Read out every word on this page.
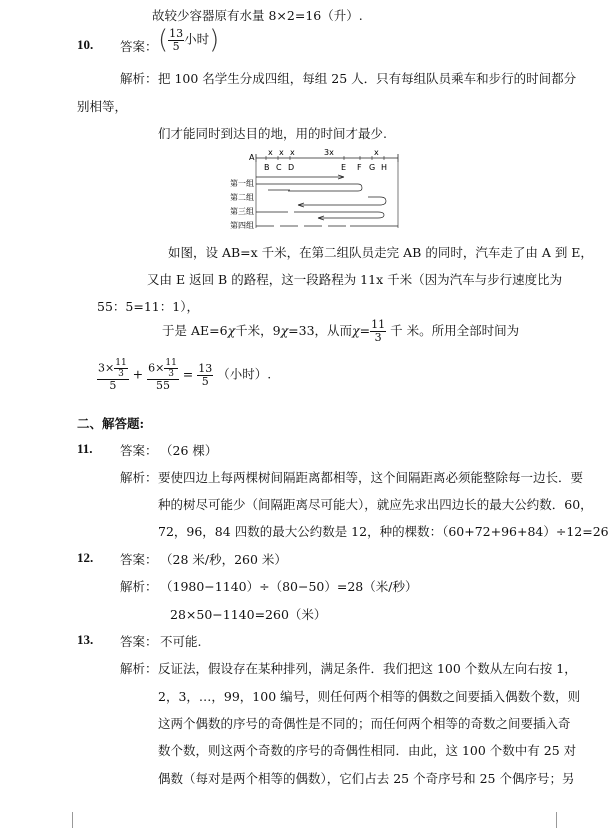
故较少容器原有水量 8×2=16（升）.
10. 答案： ( $\frac{13}{5}$ 小时)
解析： 把 100 名学生分成四组，每组 25 人．只有每组队员乘车和步行的时间都分
别相等，
们才能同时到达目的地，用的时间才最少.
x x x	3x	x
A
B C D	E F G H
第一组
第二组
第三组
第四组
如图，设 AB=x 千米，在第二组队员走完 AB 的同时，汽车走了由 A 到 E，
又由 E 返回 B 的路程，这一段路程为 11x 千米（因为汽车与步行速度比为
55：5=11：1），
于是 AE=6χ千米，9χ=33，从而$\chi= \frac{11}{3}$ 千 米。所用全部时间为
$\frac{3\times \frac{11}{3}}{5} + \frac{6\times \frac{11}{3}}{55} = \frac{13}{5}$ （小时）.
二、解答题:
11. 答案： （26 棵）
解析： 要使四边上每两棵树间隔距离都相等，这个间隔距离必须能整除每一边长．要
种的树尽可能少（间隔距离尽可能大），就应先求出四边长的最大公约数．60，
72，96，84 四数的最大公约数是 12，种的棵数：（60+72+96+84）÷12=26
12. 答案： （28 米/秒，260 米）
解析： （1980−1140）÷（80−50）=28（米/秒）
28×50−1140=260（米）
13. 答案： 不可能.
解析： 反证法，假设存在某种排列，满足条件．我们把这 100 个数从左向右按 1，
2，3，…，99，100 编号，则任何两个相等的偶数之间要插入偶数个数，则
这两个偶数的序号的奇偶性是不同的；而任何两个相等的奇数之间要插入奇
数个数，则这两个奇数的序号的奇偶性相同．由此，这 100 个数中有 25 对
偶数（每对是两个相等的偶数），它们占去 25 个奇序号和 25 个偶序号；另
